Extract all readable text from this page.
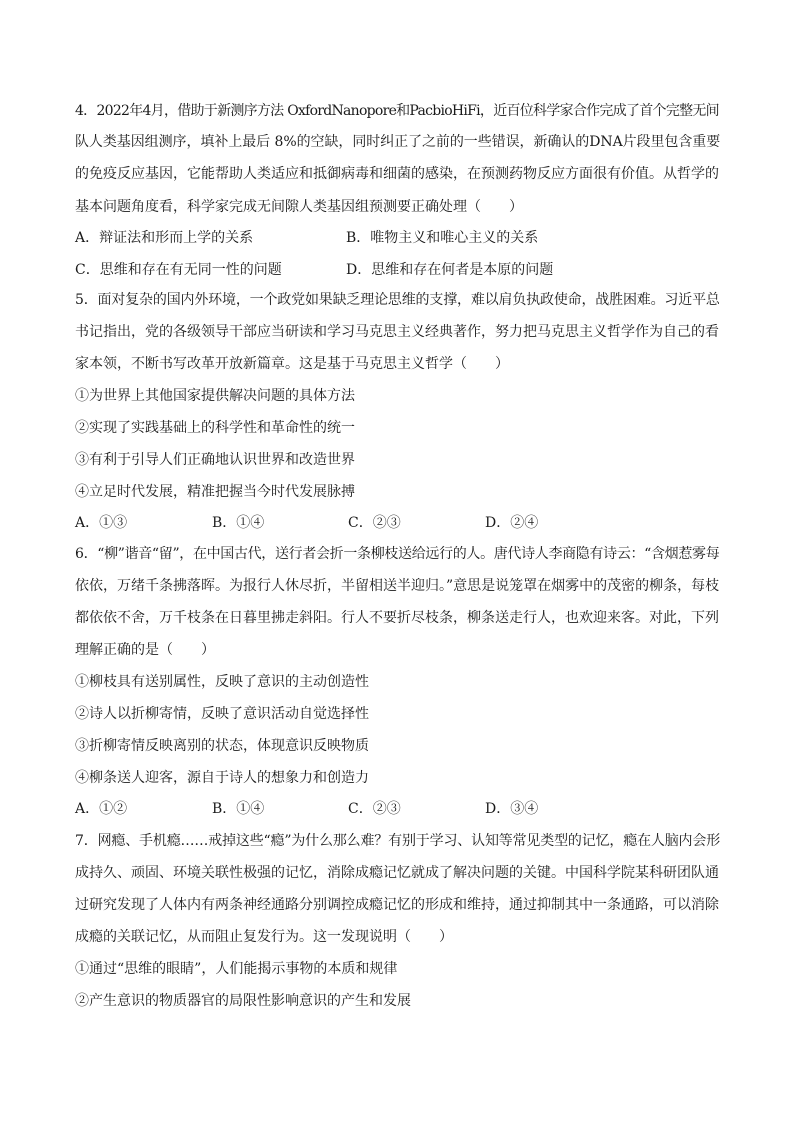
4．2022年4月，借助于新测序方法 OxfordNanopore和PacbioHiFi，近百位科学家合作完成了首个完整无间
队人类基因组测序，填补上最后 8%的空缺，同时纠正了之前的一些错误，新确认的DNA片段里包含重要
的免疫反应基因，它能帮助人类适应和抵御病毒和细菌的感染，在预测药物反应方面很有价值。从哲学的
基本问题角度看，科学家完成无间隙人类基因组预测要正确处理（　　）
A．辩证法和形而上学的关系	B．唯物主义和唯心主义的关系
C．思维和存在有无同一性的问题	D．思维和存在何者是本原的问题
5．面对复杂的国内外环境，一个政党如果缺乏理论思维的支撑，难以肩负执政使命，战胜困难。习近平总
书记指出，党的各级领导干部应当研读和学习马克思主义经典著作，努力把马克思主义哲学作为自己的看
家本领，不断书写改革开放新篇章。这是基于马克思主义哲学（　　）
①为世界上其他国家提供解决问题的具体方法
②实现了实践基础上的科学性和革命性的统一
③有利于引导人们正确地认识世界和改造世界
④立足时代发展，精准把握当今时代发展脉搏
A．①③	B．①④	C．②③	D．②④
6．“柳”谐音“留”，在中国古代，送行者会折一条柳枝送给远行的人。唐代诗人李商隐有诗云：“含烟惹雾每
依依，万绪千条拂落晖。为报行人休尽折，半留相送半迎归。”意思是说笼罩在烟雾中的茂密的柳条，每枝
都依依不舍，万千枝条在日暮里拂走斜阳。行人不要折尽枝条，柳条送走行人，也欢迎来客。对此，下列
理解正确的是（　　）
①柳枝具有送别属性，反映了意识的主动创造性
②诗人以折柳寄情，反映了意识活动自觉选择性
③折柳寄情反映离别的状态，体现意识反映物质
④柳条送人迎客，源自于诗人的想象力和创造力
A．①②	B．①④	C．②③	D．③④
7．网瘾、手机瘾……戒掉这些“瘾”为什么那么难？有别于学习、认知等常见类型的记忆，瘾在人脑内会形
成持久、顽固、环境关联性极强的记忆，消除成瘾记忆就成了解决问题的关键。中国科学院某科研团队通
过研究发现了人体内有两条神经通路分别调控成瘾记忆的形成和维持，通过抑制其中一条通路，可以消除
成瘾的关联记忆，从而阻止复发行为。这一发现说明（　　）
①通过“思维的眼睛”，人们能揭示事物的本质和规律
②产生意识的物质器官的局限性影响意识的产生和发展
